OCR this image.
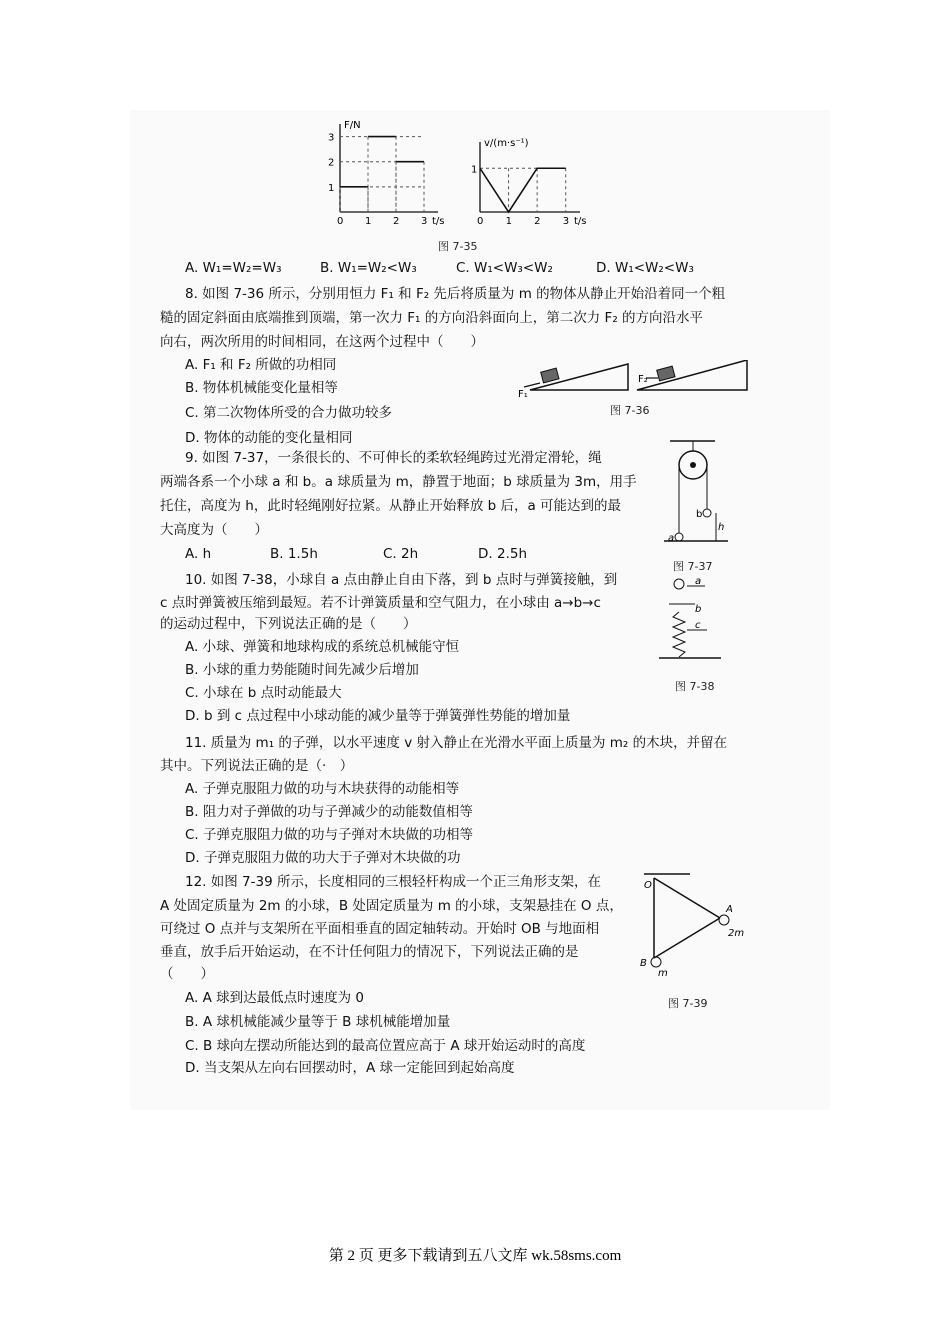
t/s
F/N
0 1 2 3
1
2
3
t/s
v/(m·s⁻¹)
0 1 2 3
1
图 7-35
A. W₁=W₂=W₃	B. W₁=W₂<W₃	C. W₁<W₃<W₂	D. W₁<W₂<W₃
8. 如图 7-36 所示，分别用恒力 F₁ 和 F₂ 先后将质量为 m 的物体从静止开始沿着同一个粗
糙的固定斜面由底端推到顶端，第一次力 F₁ 的方向沿斜面向上，第二次力 F₂ 的方向沿水平
向右，两次所用的时间相同，在这两个过程中（　　）
A. F₁ 和 F₂ 所做的功相同
B. 物体机械能变化量相等
C. 第二次物体所受的合力做功较多
D. 物体的动能的变化量相同
F₁
F₂
图 7-36
9. 如图 7-37，一条很长的、不可伸长的柔软轻绳跨过光滑定滑轮，绳
两端各系一个小球 a 和 b。a 球质量为 m，静置于地面；b 球质量为 3m，用手
托住，高度为 h，此时轻绳刚好拉紧。从静止开始释放 b 后，a 可能达到的最
大高度为（　　）
A. h	B. 1.5h	C. 2h	D. 2.5h
b
a
h
图 7-37
10. 如图 7-38，小球自 a 点由静止自由下落，到 b 点时与弹簧接触，到
c 点时弹簧被压缩到最短。若不计弹簧质量和空气阻力，在小球由 a→b→c
的运动过程中，下列说法正确的是（　　）
A. 小球、弹簧和地球构成的系统总机械能守恒
B. 小球的重力势能随时间先减少后增加
C. 小球在 b 点时动能最大
D. b 到 c 点过程中小球动能的减少量等于弹簧弹性势能的增加量
a
b
c
图 7-38
11. 质量为 m₁ 的子弹，以水平速度 v 射入静止在光滑水平面上质量为 m₂ 的木块，并留在
其中。下列说法正确的是（·　）
A. 子弹克服阻力做的功与木块获得的动能相等
B. 阻力对子弹做的功与子弹减少的动能数值相等
C. 子弹克服阻力做的功与子弹对木块做的功相等
D. 子弹克服阻力做的功大于子弹对木块做的功
12. 如图 7-39 所示，长度相同的三根轻杆构成一个正三角形支架，在
A 处固定质量为 2m 的小球，B 处固定质量为 m 的小球，支架悬挂在 O 点，
可绕过 O 点并与支架所在平面相垂直的固定轴转动。开始时 OB 与地面相
垂直，放手后开始运动，在不计任何阻力的情况下，下列说法正确的是
（　　）
A. A 球到达最低点时速度为 0
B. A 球机械能减少量等于 B 球机械能增加量
C. B 球向左摆动所能达到的最高位置应高于 A 球开始运动时的高度
D. 当支架从左向右回摆动时，A 球一定能回到起始高度
O
A
2m
B
m
图 7-39
第 2 页 更多下载请到五八文库 wk.58sms.com
